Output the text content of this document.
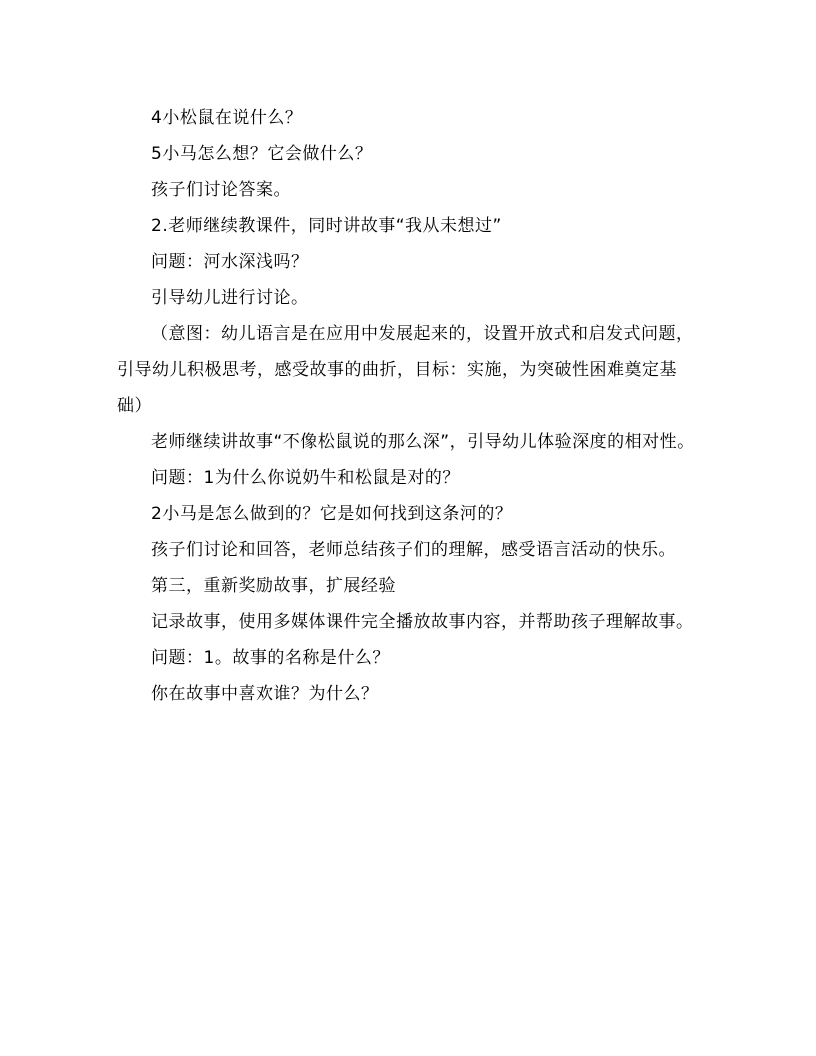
4小松鼠在说什么？

5小马怎么想？它会做什么？

孩子们讨论答案。

2.老师继续教课件，同时讲故事“我从未想过”

问题：河水深浅吗？

引导幼儿进行讨论。

（意图：幼儿语言是在应用中发展起来的，设置开放式和启发式问题，引导幼儿积极思考，感受故事的曲折，目标：实施，为突破性困难奠定基础）

老师继续讲故事“不像松鼠说的那么深”，引导幼儿体验深度的相对性。

问题：1为什么你说奶牛和松鼠是对的？

2小马是怎么做到的？它是如何找到这条河的？

孩子们讨论和回答，老师总结孩子们的理解，感受语言活动的快乐。

第三，重新奖励故事，扩展经验

记录故事，使用多媒体课件完全播放故事内容，并帮助孩子理解故事。

问题：1。故事的名称是什么？

你在故事中喜欢谁？为什么？
